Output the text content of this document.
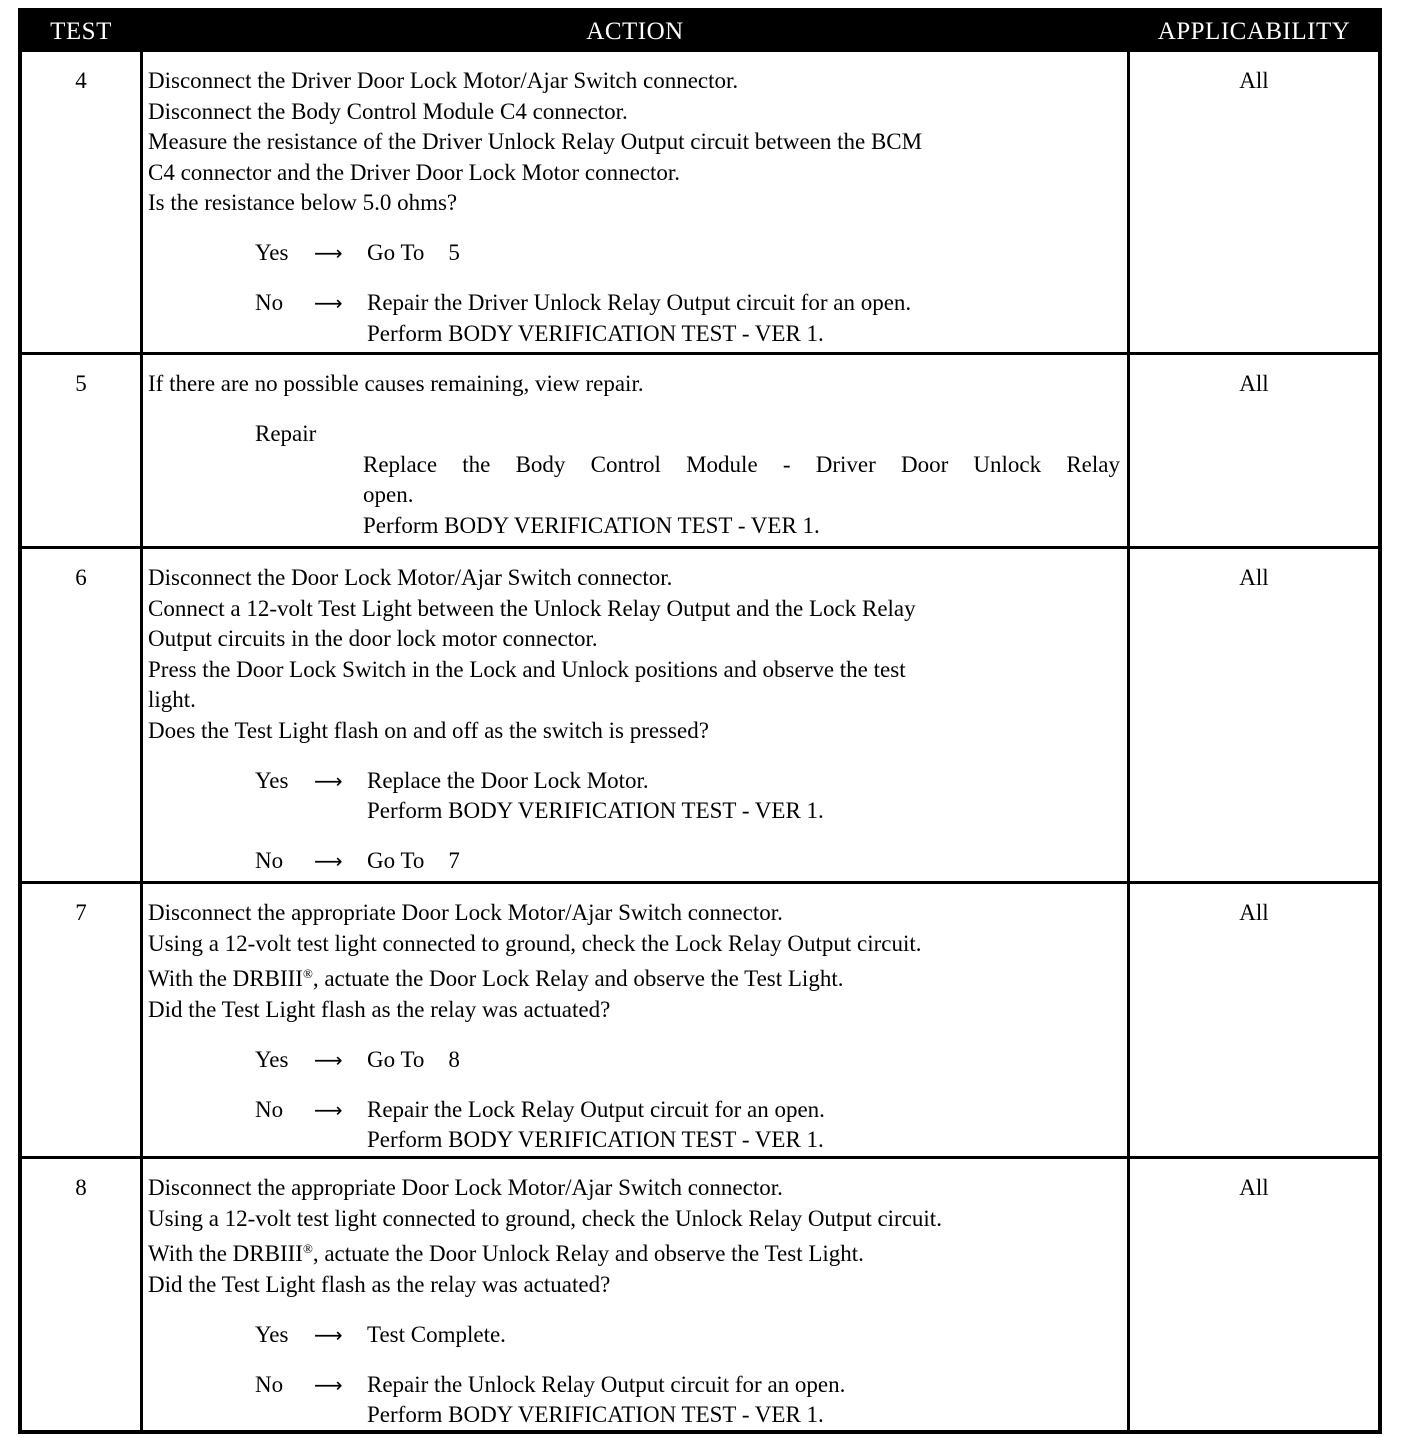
TEST	ACTION	APPLICABILITY
4	Disconnect the Driver Door Lock Motor/Ajar Switch connector.
Disconnect the Body Control Module C4 connector.
Measure the resistance of the Driver Unlock Relay Output circuit between the BCM
C4 connector and the Driver Door Lock Motor connector.
Is the resistance below 5.0 ohms?
Yes ⟶ Go To 5
No ⟶ Repair the Driver Unlock Relay Output circuit for an open.
Perform BODY VERIFICATION TEST - VER 1.
All
5	If there are no possible causes remaining, view repair.
Repair
Replace the Body Control Module - Driver Door Unlock Relay
open.
Perform BODY VERIFICATION TEST - VER 1.
All
6	Disconnect the Door Lock Motor/Ajar Switch connector.
Connect a 12-volt Test Light between the Unlock Relay Output and the Lock Relay
Output circuits in the door lock motor connector.
Press the Door Lock Switch in the Lock and Unlock positions and observe the test
light.
Does the Test Light flash on and off as the switch is pressed?
Yes ⟶ Replace the Door Lock Motor.
Perform BODY VERIFICATION TEST - VER 1.
No ⟶ Go To 7
All
7	Disconnect the appropriate Door Lock Motor/Ajar Switch connector.
Using a 12-volt test light connected to ground, check the Lock Relay Output circuit.
With the DRBIII®, actuate the Door Lock Relay and observe the Test Light.
Did the Test Light flash as the relay was actuated?
Yes ⟶ Go To 8
No ⟶ Repair the Lock Relay Output circuit for an open.
Perform BODY VERIFICATION TEST - VER 1.
All
8	Disconnect the appropriate Door Lock Motor/Ajar Switch connector.
Using a 12-volt test light connected to ground, check the Unlock Relay Output circuit.
With the DRBIII®, actuate the Door Unlock Relay and observe the Test Light.
Did the Test Light flash as the relay was actuated?
Yes ⟶ Test Complete.
No ⟶ Repair the Unlock Relay Output circuit for an open.
Perform BODY VERIFICATION TEST - VER 1.
All
